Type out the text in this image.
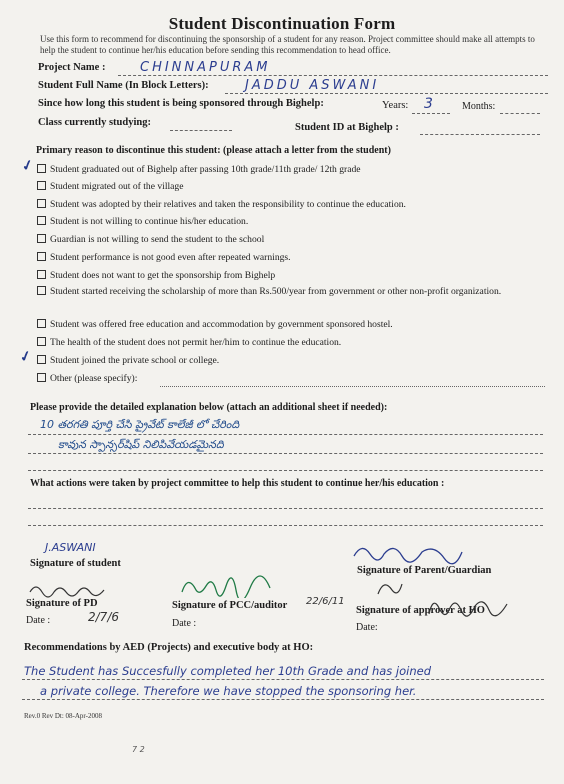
Student Discontinuation Form
Use this form to recommend for discontinuing the sponsorship of a student for any reason. Project committee should make all attempts to help the student to continue her/his education before sending this recommendation to head office.
Project Name :	CHINNAPURAM
Student Full Name (In Block Letters):	JADDU ASWANI
Since how long this student is being sponsored through Bighelp:	Years: 3	Months:
Class currently studying:	Student ID at Bighelp :
Primary reason to discontinue this student: (please attach a letter from the student)
Student graduated out of Bighelp after passing 10th grade/11th grade/ 12th grade
✓
Student migrated out of the village
Student was adopted by their relatives and taken the responsibility to continue the education.
Student is not willing to continue his/her education.
Guardian is not willing to send the student to the school
Student performance is not good even after repeated warnings.
Student does not want to get the sponsorship from Bighelp
Student started receiving the scholarship of more than Rs.500/year from government or other non-profit organization.
Student was offered free education and accommodation by government sponsored hostel.
The health of the student does not permit her/him to continue the education.
Student joined the private school or college.
✓
Other (please specify):
Please provide the detailed explanation below (attach an additional sheet if needed):
10 తరగతి పూర్తి చేసి ప్రైవేట్ కాలేజీ లో చేరింది
కావున స్పాన్సర్‌షిప్ నిలిపివేయడమైనది
What actions were taken by project committee to help this student to continue her/his education :
J.ASWANI
Signature of student
Signature of Parent/Guardian
Signature of PD
Date :	2/7/6
Signature of PCC/auditor 22/6/11
Date :
Signature of approver at HO
Date:
Recommendations by AED (Projects) and executive body at HO:
The Student has Succesfully completed her 10th Grade and has joined
a private college. Therefore we have stopped the sponsoring her.
Rev.0 Rev Dt: 08-Apr-2008
7 2
